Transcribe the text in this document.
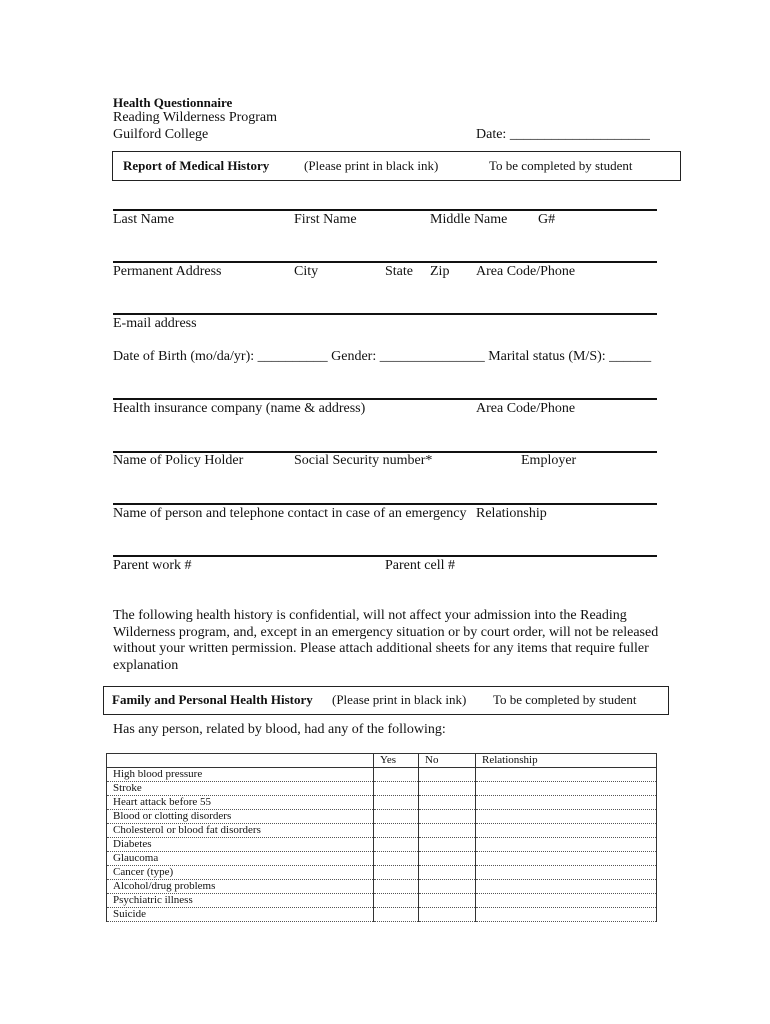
Health Questionnaire
Reading Wilderness Program
Guilford College	Date: ____________________
Report of Medical History	(Please print in black ink)	To be completed by student
Last Name	First Name	Middle Name G#
Permanent Address	City	State Zip Area Code/Phone
E-mail address
Date of Birth (mo/da/yr): __________ Gender: _______________ Marital status (M/S): ______
Health insurance company (name & address)	Area Code/Phone
Name of Policy Holder	Social Security number*	Employer
Name of person and telephone contact in case of an emergency Relationship
Parent work #	Parent cell #
The following health history is confidential, will not affect your admission into the Reading
Wilderness program, and, except in an emergency situation or by court order, will not be released
without your written permission. Please attach additional sheets for any items that require fuller
explanation
Family and Personal Health History (Please print in black ink) To be completed by student
Has any person, related by blood, had any of the following:
	Yes	No	Relationship
High blood pressure			
Stroke			
Heart attack before 55			
Blood or clotting disorders			
Cholesterol or blood fat disorders			
Diabetes			
Glaucoma			
Cancer (type)			
Alcohol/drug problems			
Psychiatric illness			
Suicide			
